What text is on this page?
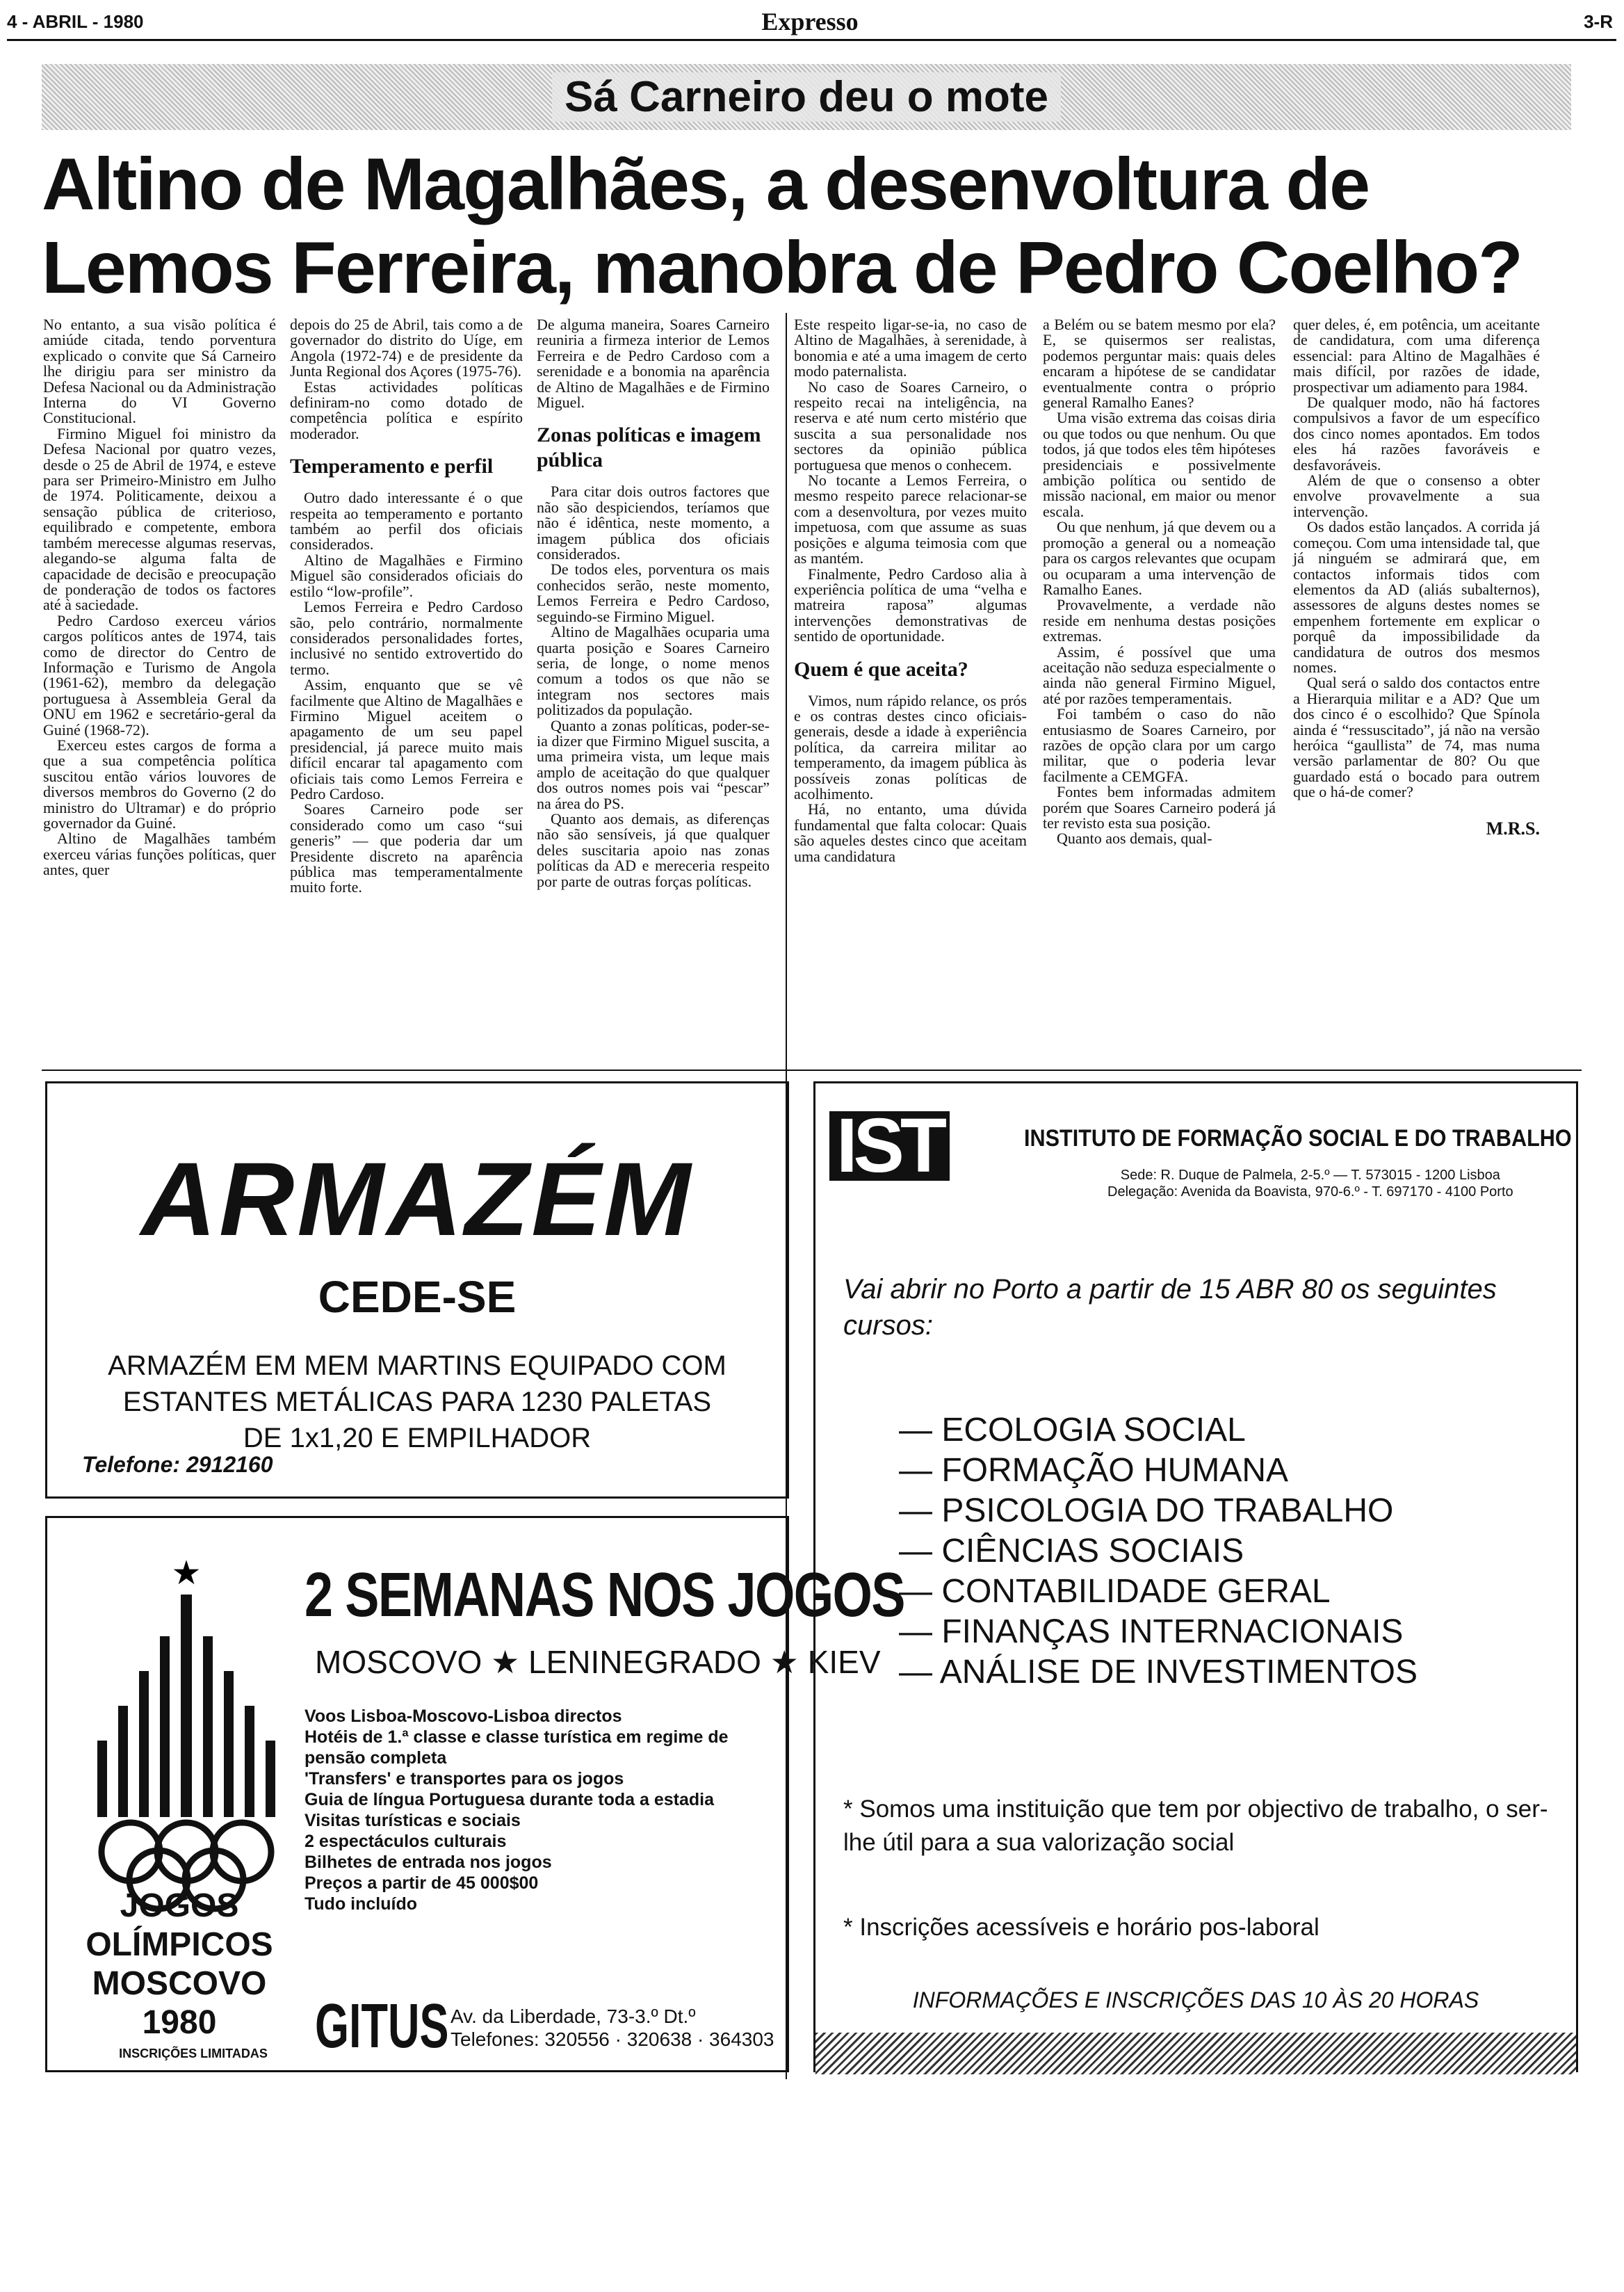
4 - ABRIL - 1980	Expresso	3-R
Sá Carneiro deu o mote
Altino de Magalhães, a desenvoltura de Lemos Ferreira, manobra de Pedro Coelho?

No entanto, a sua visão política é amiúde citada, tendo porventura explicado o convite que Sá Carneiro lhe dirigiu para ser ministro da Defesa Nacional ou da Administração Interna do VI Governo Constitucional.

Firmino Miguel foi ministro da Defesa Nacional por quatro vezes, desde o 25 de Abril de 1974, e esteve para ser Primeiro-Ministro em Julho de 1974. Politicamente, deixou a sensação pública de criterioso, equilibrado e competente, embora também merecesse algumas reservas, alegando-se alguma falta de capacidade de decisão e preocupação de ponderação de todos os factores até à saciedade.

Pedro Cardoso exerceu vários cargos políticos antes de 1974, tais como de director do Centro de Informação e Turismo de Angola (1961-62), membro da delegação portuguesa à Assembleia Geral da ONU em 1962 e secretário-geral da Guiné (1968-72).

Exerceu estes cargos de forma a que a sua competência política suscitou então vários louvores de diversos membros do Governo (2 do ministro do Ultramar) e do próprio governador da Guiné.

Altino de Magalhães também exerceu várias funções políticas, quer antes, quer

depois do 25 de Abril, tais como a de governador do distrito do Uíge, em Angola (1972-74) e de presidente da Junta Regional dos Açores (1975-76).

Estas actividades políticas definiram-no como dotado de competência política e espírito moderador.

Temperamento e perfil

Outro dado interessante é o que respeita ao temperamento e portanto também ao perfil dos oficiais considerados.

Altino de Magalhães e Firmino Miguel são considerados oficiais do estilo “low-profile”.

Lemos Ferreira e Pedro Cardoso são, pelo contrário, normalmente considerados personalidades fortes, inclusivé no sentido extrovertido do termo.

Assim, enquanto que se vê facilmente que Altino de Magalhães e Firmino Miguel aceitem o apagamento de um seu papel presidencial, já parece muito mais difícil encarar tal apagamento com oficiais tais como Lemos Ferreira e Pedro Cardoso.

Soares Carneiro pode ser considerado como um caso “sui generis” — que poderia dar um Presidente discreto na aparência pública mas temperamentalmente muito forte.

De alguma maneira, Soares Carneiro reuniria a firmeza interior de Lemos Ferreira e de Pedro Cardoso com a serenidade e a bonomia na aparência de Altino de Magalhães e de Firmino Miguel.

Zonas políticas e imagem pública

Para citar dois outros factores que não são despiciendos, teríamos que não é idêntica, neste momento, a imagem pública dos oficiais considerados.

De todos eles, porventura os mais conhecidos serão, neste momento, Lemos Ferreira e Pedro Cardoso, seguindo-se Firmino Miguel.

Altino de Magalhães ocuparia uma quarta posição e Soares Carneiro seria, de longe, o nome menos comum a todos os que não se integram nos sectores mais politizados da população.

Quanto a zonas políticas, poder-se-ia dizer que Firmino Miguel suscita, a uma primeira vista, um leque mais amplo de aceitação do que qualquer dos outros nomes pois vai “pescar” na área do PS.

Quanto aos demais, as diferenças não são sensíveis, já que qualquer deles suscitaria apoio nas zonas políticas da AD e mereceria respeito por parte de outras forças políticas.

Este respeito ligar-se-ia, no caso de Altino de Magalhães, à serenidade, à bonomia e até a uma imagem de certo modo paternalista.

No caso de Soares Carneiro, o respeito recai na inteligência, na reserva e até num certo mistério que suscita a sua personalidade nos sectores da opinião pública portuguesa que menos o conhecem.

No tocante a Lemos Ferreira, o mesmo respeito parece relacionar-se com a desenvoltura, por vezes muito impetuosa, com que assume as suas posições e alguma teimosia com que as mantém.

Finalmente, Pedro Cardoso alia à experiência política de uma “velha e matreira raposa” algumas intervenções demonstrativas de sentido de oportunidade.

Quem é que aceita?

Vimos, num rápido relance, os prós e os contras destes cinco oficiais-generais, desde a idade à experiência política, da carreira militar ao temperamento, da imagem pública às possíveis zonas políticas de acolhimento.

Há, no entanto, uma dúvida fundamental que falta colocar: Quais são aqueles destes cinco que aceitam uma candidatura

a Belém ou se batem mesmo por ela? E, se quisermos ser realistas, podemos perguntar mais: quais deles encaram a hipótese de se candidatar eventualmente contra o próprio general Ramalho Eanes?

Uma visão extrema das coisas diria ou que todos ou que nenhum. Ou que todos, já que todos eles têm hipóteses presidenciais e possivelmente ambição política ou sentido de missão nacional, em maior ou menor escala.

Ou que nenhum, já que devem ou a promoção a general ou a nomeação para os cargos relevantes que ocupam ou ocuparam a uma intervenção de Ramalho Eanes.

Provavelmente, a verdade não reside em nenhuma destas posições extremas.

Assim, é possível que uma aceitação não seduza especialmente o ainda não general Firmino Miguel, até por razões temperamentais.

Foi também o caso do não entusiasmo de Soares Carneiro, por razões de opção clara por um cargo militar, que o poderia levar facilmente a CEMGFA.

Fontes bem informadas admitem porém que Soares Carneiro poderá já ter revisto esta sua posição.

Quanto aos demais, qual-

quer deles, é, em potência, um aceitante de candidatura, com uma diferença essencial: para Altino de Magalhães é mais difícil, por razões de idade, prospectivar um adiamento para 1984.

De qualquer modo, não há factores compulsivos a favor de um específico dos cinco nomes apontados. Em todos eles há razões favoráveis e desfavoráveis.

Além de que o consenso a obter envolve provavelmente a sua intervenção.

Os dados estão lançados. A corrida já começou. Com uma intensidade tal, que já ninguém se admirará que, em contactos informais tidos com elementos da AD (aliás subalternos), assessores de alguns destes nomes se empenhem fortemente em explicar o porquê da impossibilidade da candidatura de outros dos mesmos nomes.

Qual será o saldo dos contactos entre a Hierarquia militar e a AD? Que um dos cinco é o escolhido? Que Spínola ainda é “ressuscitado”, já não na versão heróica “gaullista” de 74, mas numa versão parlamentar de 80? Ou que guardado está o bocado para outrem que o há-de comer?

M.R.S.
ARMAZÉM
CEDE-SE
ARMAZÉM EM MEM MARTINS EQUIPADO COM ESTANTES METÁLICAS PARA 1230 PALETAS DE 1x1,20 E EMPILHADOR
Telefone: 2912160
★
JOGOS
OLÍMPICOS
MOSCOVO
1980
INSCRIÇÕES LIMITADAS
2 SEMANAS NOS JOGOS
MOSCOVO ★ LENINEGRADO ★ KIEV
Voos Lisboa-Moscovo-Lisboa directos
Hotéis de 1.ª classe e classe turística em regime de pensão completa
'Transfers' e transportes para os jogos
Guia de língua Portuguesa durante toda a estadia
Visitas turísticas e sociais
2 espectáculos culturais
Bilhetes de entrada nos jogos
Preços a partir de 45 000$00
Tudo incluído
GITUS Av. da Liberdade, 73-3.º Dt.º
Telefones: 320556 · 320638 · 364303
IST	INSTITUTO DE FORMAÇÃO SOCIAL E DO TRABALHO
Sede: R. Duque de Palmela, 2-5.º — T. 573015 - 1200 Lisboa
Delegação: Avenida da Boavista, 970-6.º - T. 697170 - 4100 Porto
Vai abrir no Porto a partir de 15 ABR 80 os seguintes cursos:
— ECOLOGIA SOCIAL
— FORMAÇÃO HUMANA
— PSICOLOGIA DO TRABALHO
— CIÊNCIAS SOCIAIS
— CONTABILIDADE GERAL
— FINANÇAS INTERNACIONAIS
— ANÁLISE DE INVESTIMENTOS
* Somos uma instituição que tem por objectivo de trabalho, o ser-lhe útil para a sua valorização social
* Inscrições acessíveis e horário pos-laboral
INFORMAÇÕES E INSCRIÇÕES DAS 10 ÀS 20 HORAS
